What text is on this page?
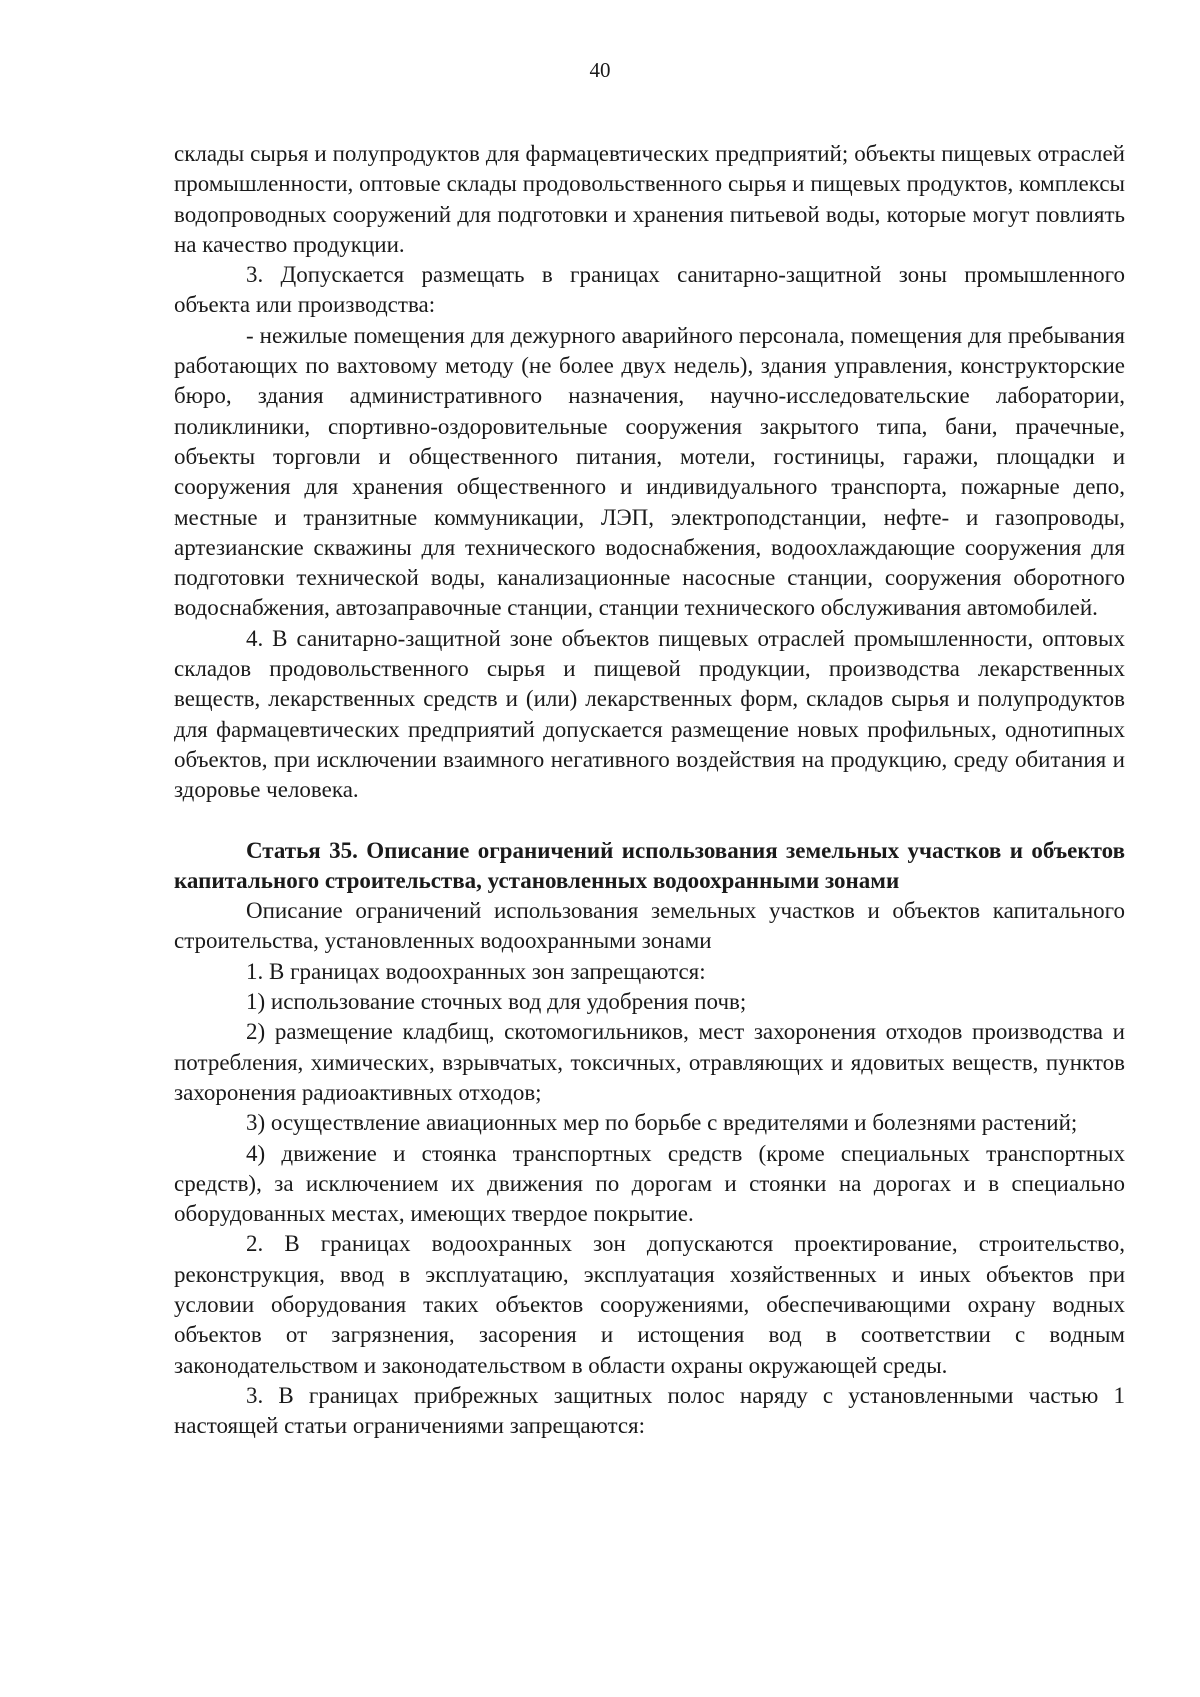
40

склады сырья и полупродуктов для фармацевтических предприятий; объекты пищевых отраслей промышленности, оптовые склады продовольственного сырья и пищевых продуктов, комплексы водопроводных сооружений для подготовки и хранения питьевой воды, которые могут повлиять на качество продукции.

3. Допускается размещать в границах санитарно-защитной зоны промышленного объекта или производства:

- нежилые помещения для дежурного аварийного персонала, помещения для пребывания работающих по вахтовому методу (не более двух недель), здания управления, конструкторские бюро, здания административного назначения, научно-исследовательские лаборатории, поликлиники, спортивно-оздоровительные сооружения закрытого типа, бани, прачечные, объекты торговли и общественного питания, мотели, гостиницы, гаражи, площадки и сооружения для хранения общественного и индивидуального транспорта, пожарные депо, местные и транзитные коммуникации, ЛЭП, электроподстанции, нефте- и газопроводы, артезианские скважины для технического водоснабжения, водоохлаждающие сооружения для подготовки технической воды, канализационные насосные станции, сооружения оборотного водоснабжения, автозаправочные станции, станции технического обслуживания автомобилей.

4. В санитарно-защитной зоне объектов пищевых отраслей промышленности, оптовых складов продовольственного сырья и пищевой продукции, производства лекарственных веществ, лекарственных средств и (или) лекарственных форм, складов сырья и полупродуктов для фармацевтических предприятий допускается размещение новых профильных, однотипных объектов, при исключении взаимного негативного воздействия на продукцию, среду обитания и здоровье человека.

Статья 35. Описание ограничений использования земельных участков и объектов капитального строительства, установленных водоохранными зонами

Описание ограничений использования земельных участков и объектов капитального строительства, установленных водоохранными зонами

1. В границах водоохранных зон запрещаются:

1) использование сточных вод для удобрения почв;

2) размещение кладбищ, скотомогильников, мест захоронения отходов производства и потребления, химических, взрывчатых, токсичных, отравляющих и ядовитых веществ, пунктов захоронения радиоактивных отходов;

3) осуществление авиационных мер по борьбе с вредителями и болезнями растений;

4) движение и стоянка транспортных средств (кроме специальных транспортных средств), за исключением их движения по дорогам и стоянки на дорогах и в специально оборудованных местах, имеющих твердое покрытие.

2. В границах водоохранных зон допускаются проектирование, строительство, реконструкция, ввод в эксплуатацию, эксплуатация хозяйственных и иных объектов при условии оборудования таких объектов сооружениями, обеспечивающими охрану водных объектов от загрязнения, засорения и истощения вод в соответствии с водным законодательством и законодательством в области охраны окружающей среды.

3. В границах прибрежных защитных полос наряду с установленными частью 1 настоящей статьи ограничениями запрещаются:
